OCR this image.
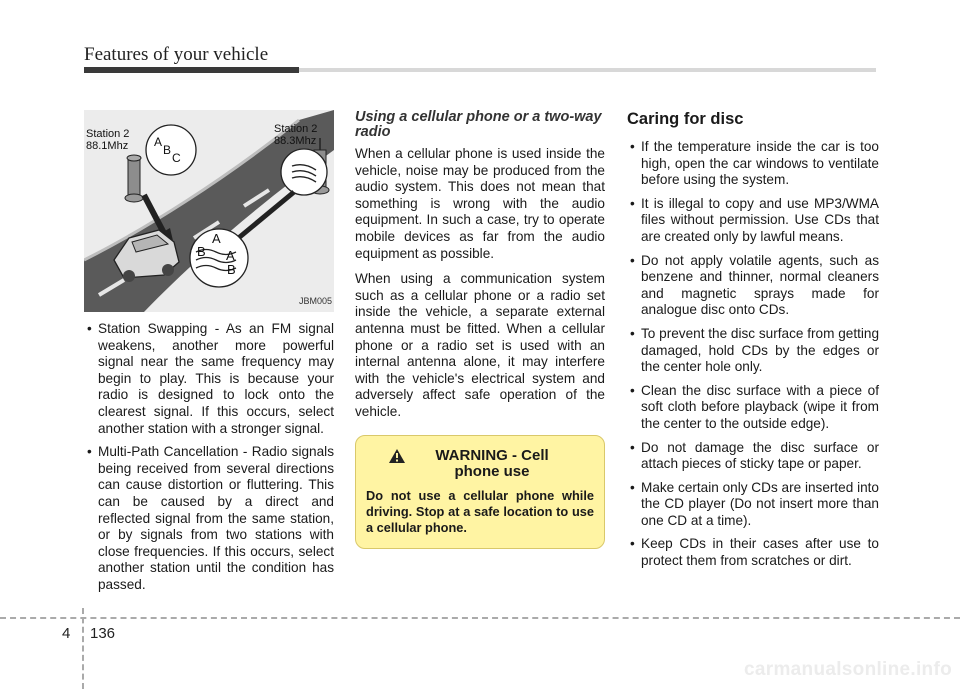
Features of your vehicle
Station 2
88.1Mhz
Station 2
88.3Mhz
A
B
C
A
B A
B
JBM005
• Station Swapping - As an FM signal weakens, another more powerful signal near the same frequency may begin to play. This is because your radio is designed to lock onto the clearest signal. If this occurs, select another station with a stronger signal.
• Multi-Path Cancellation - Radio signals being received from several directions can cause distortion or fluttering. This can be caused by a direct and reflected signal from the same station, or by signals from two stations with close frequencies. If this occurs, select another station until the condition has passed.
Using a cellular phone or a two-way radio

When a cellular phone is used inside the vehicle, noise may be produced from the audio system. This does not mean that something is wrong with the audio equipment. In such a case, try to operate mobile devices as far from the audio equipment as possible.

When using a communication system such as a cellular phone or a radio set inside the vehicle, a separate external antenna must be fitted. When a cellular phone or a radio set is used with an internal antenna alone, it may interfere with the vehicle's electrical system and adversely affect safe operation of the vehicle.

WARNING - Cell phone use
Do not use a cellular phone while driving. Stop at a safe location to use a cellular phone.
Caring for disc
• If the temperature inside the car is too high, open the car windows to ventilate before using the system.
• It is illegal to copy and use MP3/WMA files without permission. Use CDs that are created only by lawful means.
• Do not apply volatile agents, such as benzene and thinner, normal cleaners and magnetic sprays made for analogue disc onto CDs.
• To prevent the disc surface from getting damaged, hold CDs by the edges or the center hole only.
• Clean the disc surface with a piece of soft cloth before playback (wipe it from the center to the outside edge).
• Do not damage the disc surface or attach pieces of sticky tape or paper.
• Make certain only CDs are inserted into the CD player (Do not insert more than one CD at a time).
• Keep CDs in their cases after use to protect them from scratches or dirt.
4 136
carmanualsonline.info
